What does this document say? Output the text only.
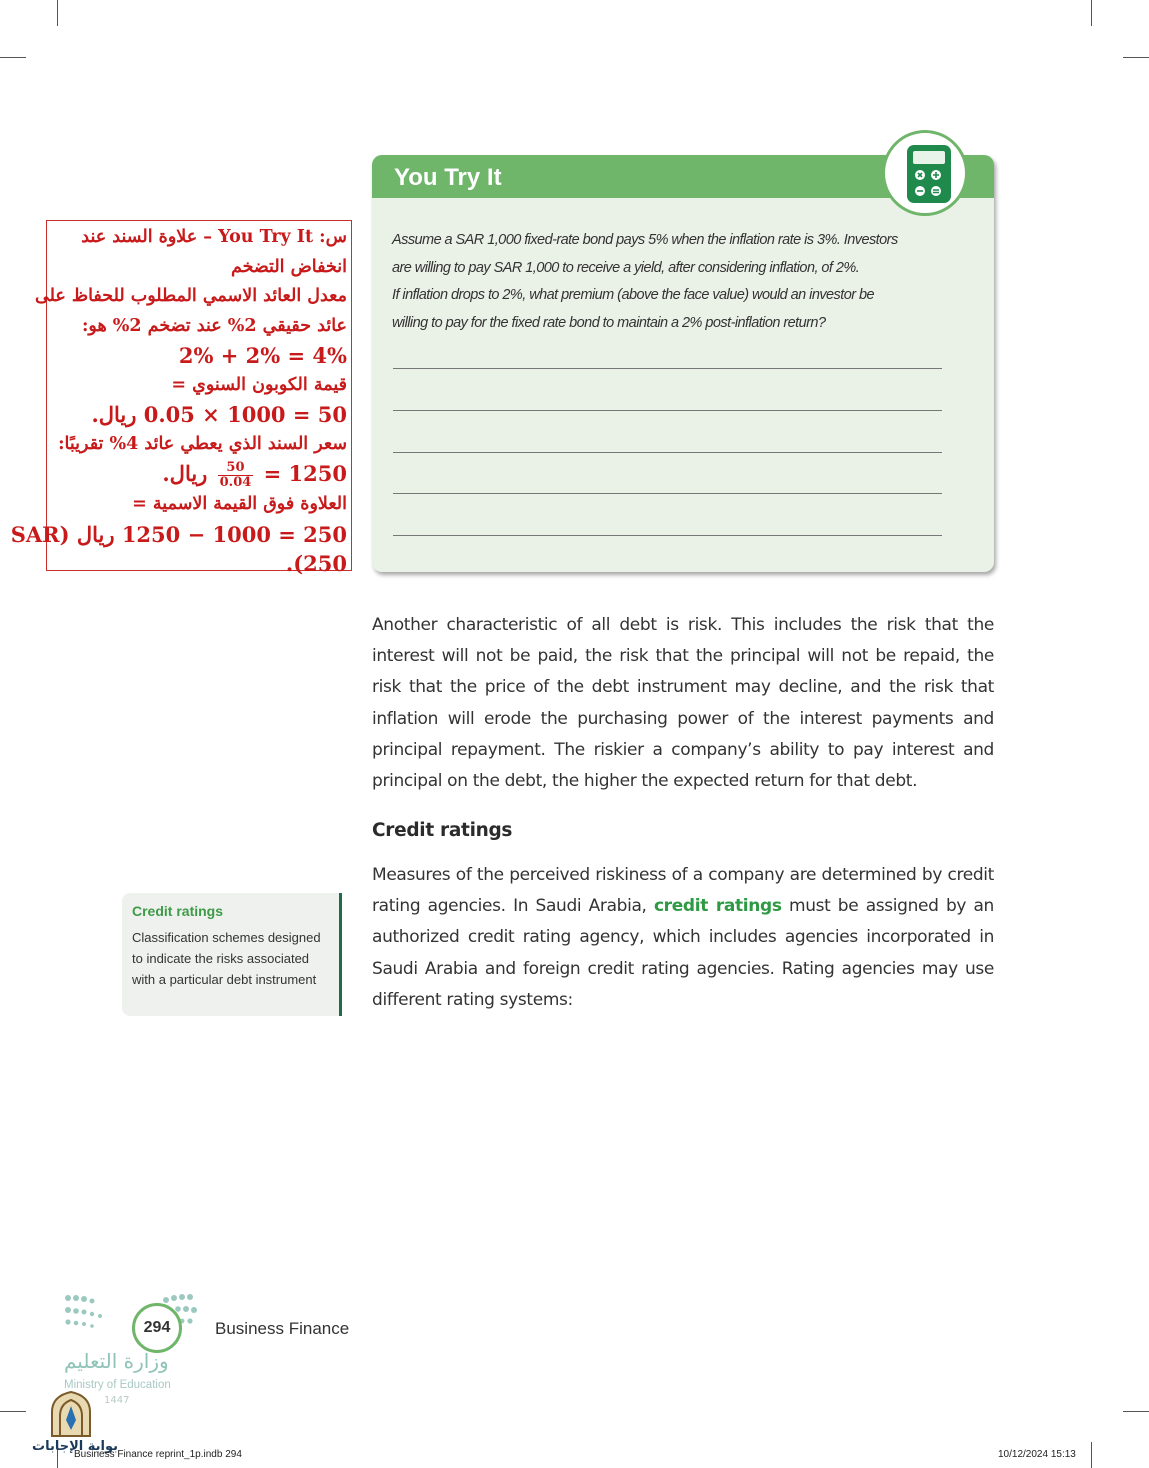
س: You Try It – علاوة السند عند
انخفاض التضخم
معدل العائد الاسمي المطلوب للحفاظ على
عائد حقيقي 2% عند تضخم 2% هو:
2% + 2% = 4%
قيمة الكوبون السنوي =
50 = 1000 × 0.05 ريال.
سعر السند الذي يعطي عائد 4% تقريبًا:
1250 =
$\frac{50}{0.04}$
ريال.
العلاوة فوق القيمة الاسمية =
250 = 1000 − 1250 ريال (SAR
250).
You Try It
Assume a SAR 1,000 fixed-rate bond pays 5% when the inflation rate is 3%. Investors
are willing to pay SAR 1,000 to receive a yield, after considering inflation, of 2%.
If inflation drops to 2%, what premium (above the face value) would an investor be
willing to pay for the fixed rate bond to maintain a 2% post-inflation return?
Another characteristic of all debt is risk. This includes the risk that the interest will not be paid, the risk that the principal will not be repaid, the risk that the price of the debt instrument may decline, and the risk that inflation will erode the purchasing power of the interest payments and principal repayment. The riskier a company’s ability to pay interest and principal on the debt, the higher the expected return for that debt.
Credit ratings
Measures of the perceived riskiness of a company are determined by credit rating agencies. In Saudi Arabia, credit ratings must be assigned by an authorized credit rating agency, which includes agencies incorporated in Saudi Arabia and foreign credit rating agencies. Rating agencies may use different rating systems:
Credit ratings
Classification schemes designed to indicate the risks associated with a particular debt instrument
294	Business Finance
وزارة التعليم
Ministry of Education
1447
بوابة الإجابات
Business Finance reprint_1p.indb 294	10/12/2024 15:13
